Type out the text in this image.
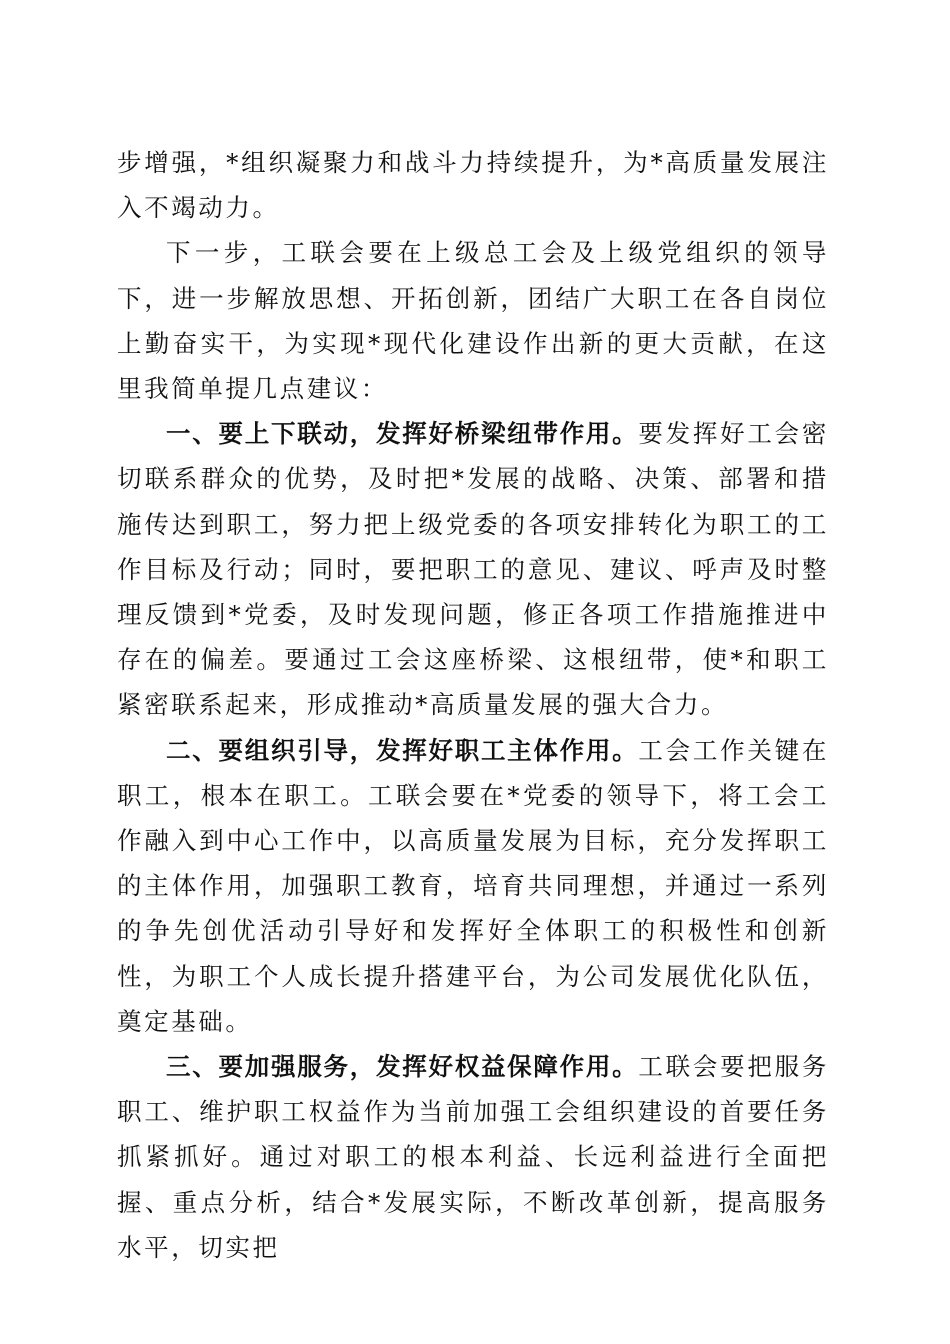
步增强，*组织凝聚力和战斗力持续提升，为*高质量发展注入不竭动力。

下一步，工联会要在上级总工会及上级党组织的领导下，进一步解放思想、开拓创新，团结广大职工在各自岗位上勤奋实干，为实现*现代化建设作出新的更大贡献，在这里我简单提几点建议：

一、要上下联动，发挥好桥梁纽带作用。要发挥好工会密切联系群众的优势，及时把*发展的战略、决策、部署和措施传达到职工，努力把上级党委的各项安排转化为职工的工作目标及行动；同时，要把职工的意见、建议、呼声及时整理反馈到*党委，及时发现问题，修正各项工作措施推进中存在的偏差。要通过工会这座桥梁、这根纽带，使*和职工紧密联系起来，形成推动*高质量发展的强大合力。

二、要组织引导，发挥好职工主体作用。工会工作关键在职工，根本在职工。工联会要在*党委的领导下，将工会工作融入到中心工作中，以高质量发展为目标，充分发挥职工的主体作用，加强职工教育，培育共同理想，并通过一系列的争先创优活动引导好和发挥好全体职工的积极性和创新性，为职工个人成长提升搭建平台，为公司发展优化队伍，奠定基础。

三、要加强服务，发挥好权益保障作用。工联会要把服务职工、维护职工权益作为当前加强工会组织建设的首要任务抓紧抓好。通过对职工的根本利益、长远利益进行全面把握、重点分析，结合*发展实际，不断改革创新，提高服务水平，切实把
